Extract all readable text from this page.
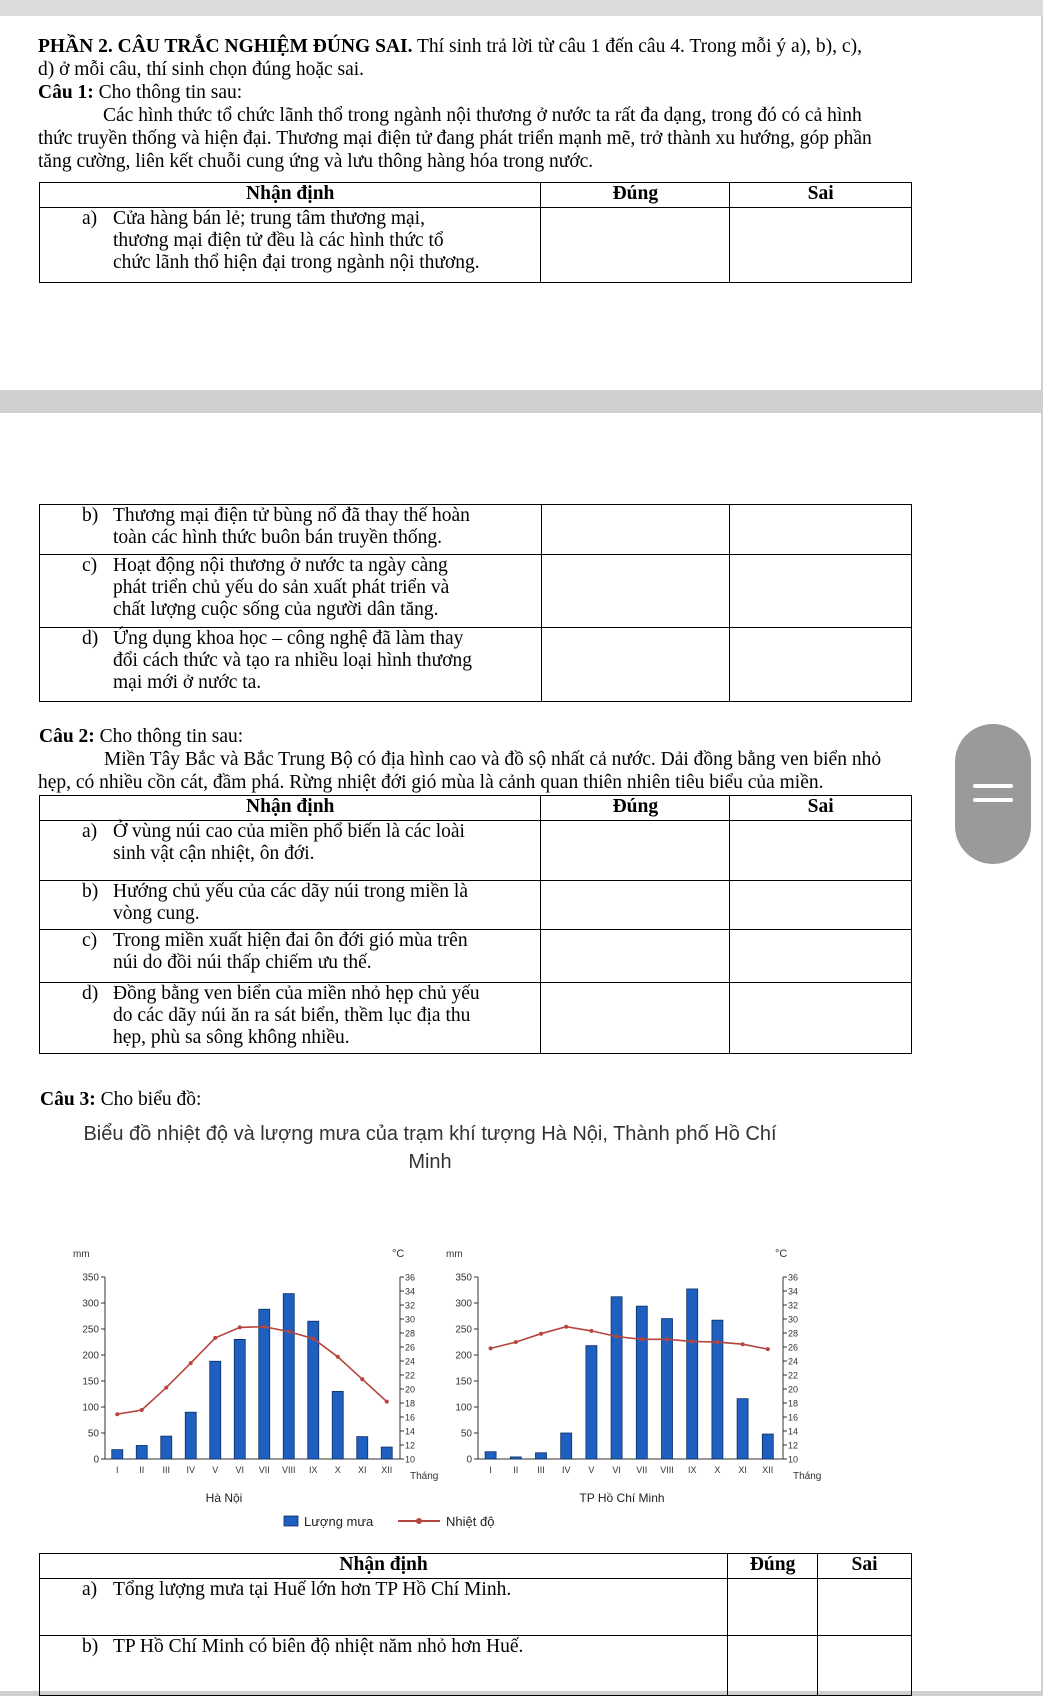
PHẦN 2. CÂU TRẮC NGHIỆM ĐÚNG SAI. Thí sinh trả lời từ câu 1 đến câu 4. Trong mỗi ý a), b), c),
d) ở mỗi câu, thí sinh chọn đúng hoặc sai.
Câu 1: Cho thông tin sau:
Các hình thức tổ chức lãnh thổ trong ngành nội thương ở nước ta rất đa dạng, trong đó có cả hình
thức truyền thống và hiện đại. Thương mại điện tử đang phát triển mạnh mẽ, trở thành xu hướng, góp phần
tăng cường, liên kết chuỗi cung ứng và lưu thông hàng hóa trong nước.
Nhận định	Đúng	Sai

a) Cửa hàng bán lẻ; trung tâm thương mại,
thương mại điện tử đều là các hình thức tổ
chức lãnh thổ hiện đại trong ngành nội thương.		

b) Thương mại điện tử bùng nổ đã thay thế hoàn
toàn các hình thức buôn bán truyền thống.		

c) Hoạt động nội thương ở nước ta ngày càng
phát triển chủ yếu do sản xuất phát triển và
chất lượng cuộc sống của người dân tăng.		

d) Ứng dụng khoa học – công nghệ đã làm thay
đổi cách thức và tạo ra nhiều loại hình thương
mại mới ở nước ta.		

Câu 2: Cho thông tin sau:
Miền Tây Bắc và Bắc Trung Bộ có địa hình cao và đồ sộ nhất cả nước. Dải đồng bằng ven biển nhỏ
hẹp, có nhiều cồn cát, đầm phá. Rừng nhiệt đới gió mùa là cảnh quan thiên nhiên tiêu biểu của miền.
Nhận định	Đúng	Sai

a) Ở vùng núi cao của miền phổ biến là các loài
sinh vật cận nhiệt, ôn đới.		

b) Hướng chủ yếu của các dãy núi trong miền là
vòng cung.		

c) Trong miền xuất hiện đai ôn đới gió mùa trên
núi do đồi núi thấp chiếm ưu thế.		

d) Đồng bằng ven biển của miền nhỏ hẹp chủ yếu
do các dãy núi ăn ra sát biển, thềm lục địa thu
hẹp, phù sa sông không nhiều.		

Câu 3: Cho biểu đồ:
Biểu đồ nhiệt độ và lượng mưa của trạm khí tượng Hà Nội, Thành phố Hồ Chí
Minh
mm	°C
0
50
100
150
200
250
300
350
10
12
14
16
18
20
22
24
26
28
30
32
34
36
I II III IV V VI VII VIII IX X XI XII
Tháng
Hà Nội
mm	°C
0
50
100
150
200
250
300
350
10
12
14
16
18
20
22
24
26
28
30
32
34
36
I II III IV V VI VII VIII IX X XI XII
Tháng
TP Hồ Chí Minh
Lượng mưa	Nhiệt độ
Nhận định	Đúng	Sai

a) Tổng lượng mưa tại Huế lớn hơn TP Hồ Chí Minh.		

b) TP Hồ Chí Minh có biên độ nhiệt năm nhỏ hơn Huế.		
